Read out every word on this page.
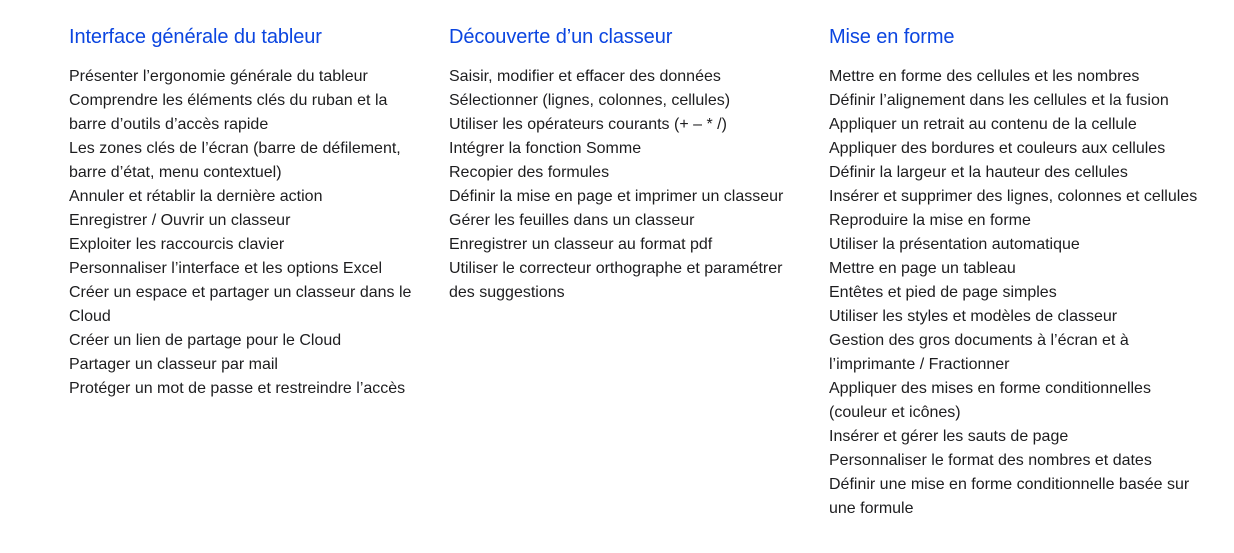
Interface générale du tableur
Présenter l’ergonomie générale du tableur
Comprendre les éléments clés du ruban et la barre d’outils d’accès rapide
Les zones clés de l’écran (barre de défilement, barre d’état, menu contextuel)
Annuler et rétablir la dernière action
Enregistrer / Ouvrir un classeur
Exploiter les raccourcis clavier
Personnaliser l’interface et les options Excel
Créer un espace et partager un classeur dans le Cloud
Créer un lien de partage pour le Cloud
Partager un classeur par mail
Protéger un mot de passe et restreindre l’accès
Découverte d’un classeur
Saisir, modifier et effacer des données
Sélectionner (lignes, colonnes, cellules)
Utiliser les opérateurs courants (+ – * /)
Intégrer la fonction Somme
Recopier des formules
Définir la mise en page et imprimer un classeur
Gérer les feuilles dans un classeur
Enregistrer un classeur au format pdf
Utiliser le correcteur orthographe et paramétrer des suggestions
Mise en forme
Mettre en forme des cellules et les nombres
Définir l’alignement dans les cellules et la fusion
Appliquer un retrait au contenu de la cellule
Appliquer des bordures et couleurs aux cellules
Définir la largeur et la hauteur des cellules
Insérer et supprimer des lignes, colonnes et cellules
Reproduire la mise en forme
Utiliser la présentation automatique
Mettre en page un tableau
Entêtes et pied de page simples
Utiliser les styles et modèles de classeur
Gestion des gros documents à l’écran et à l’imprimante / Fractionner
Appliquer des mises en forme conditionnelles (couleur et icônes)
Insérer et gérer les sauts de page
Personnaliser le format des nombres et dates
Définir une mise en forme conditionnelle basée sur une formule
